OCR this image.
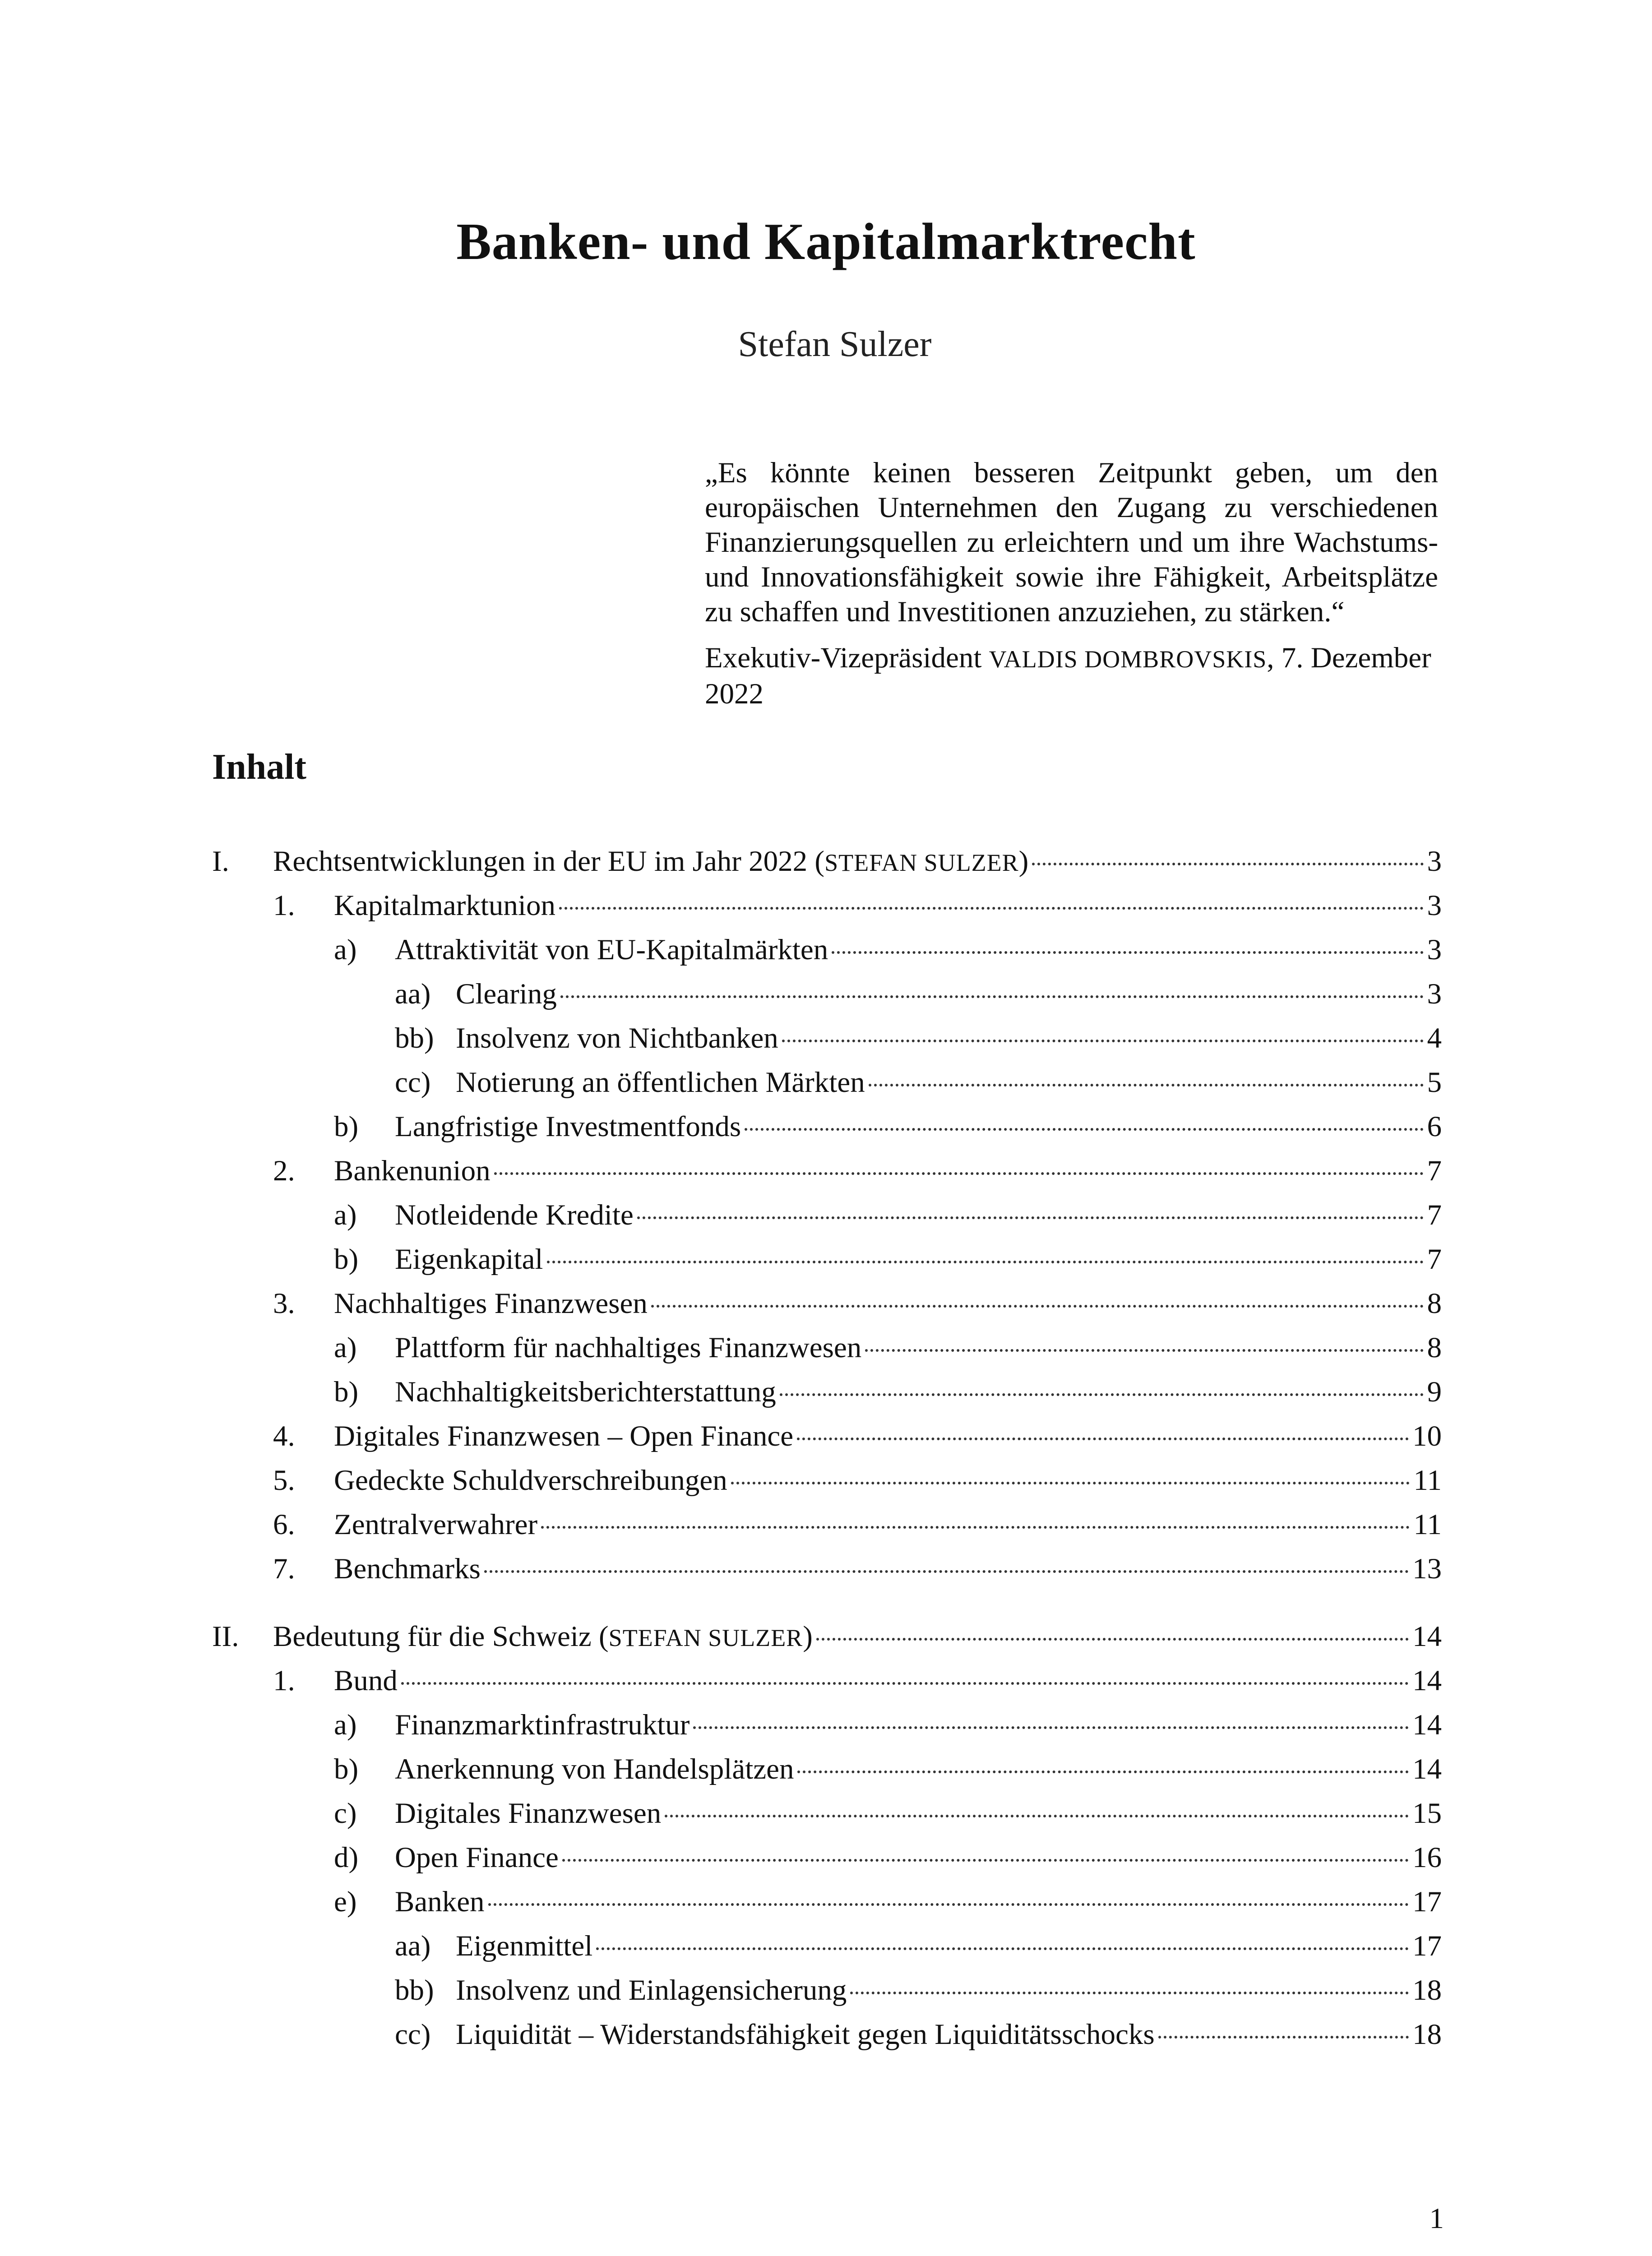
Banken- und Kapitalmarktrecht
Stefan Sulzer

„Es könnte keinen besseren Zeitpunkt geben, um den europäischen Unternehmen den Zugang zu verschiedenen Finanzierungsquellen zu erleichtern und um ihre Wachstums- und Innovationsfähigkeit sowie ihre Fähigkeit, Arbeitsplätze zu schaffen und Investitionen anzuziehen, zu stärken.“

Exekutiv-Vizepräsident VALDIS DOMBROVSKIS, 7. Dezember 2022

Inhalt
I. Rechtsentwicklungen in der EU im Jahr 2022 (STEFAN SULZER)	3
1. Kapitalmarktunion	3
a) Attraktivität von EU-Kapitalmärkten	3
aa) Clearing	3
bb) Insolvenz von Nichtbanken	4
cc) Notierung an öffentlichen Märkten	5
b) Langfristige Investmentfonds	6
2. Bankenunion	7
a) Notleidende Kredite	7
b) Eigenkapital	7
3. Nachhaltiges Finanzwesen	8
a) Plattform für nachhaltiges Finanzwesen	8
b) Nachhaltigkeitsberichterstattung	9
4. Digitales Finanzwesen – Open Finance	10
5. Gedeckte Schuldverschreibungen	11
6. Zentralverwahrer	11
7. Benchmarks	13
II. Bedeutung für die Schweiz (STEFAN SULZER)	14
1. Bund	14
a) Finanzmarktinfrastruktur	14
b) Anerkennung von Handelsplätzen	14
c) Digitales Finanzwesen	15
d) Open Finance	16
e) Banken	17
aa) Eigenmittel	17
bb) Insolvenz und Einlagensicherung	18
cc) Liquidität – Widerstandsfähigkeit gegen Liquiditätsschocks	18
1
